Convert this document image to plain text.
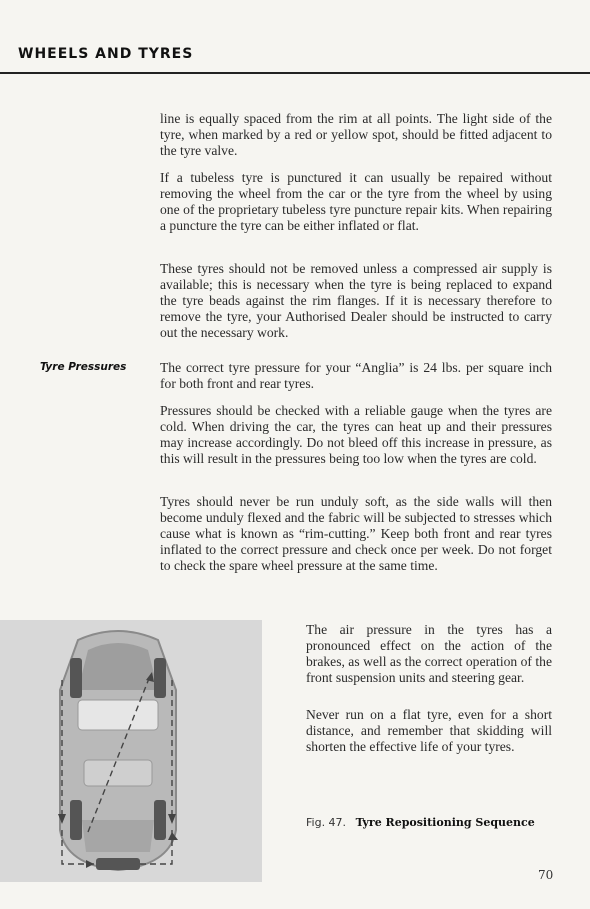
WHEELS AND TYRES

line is equally spaced from the rim at all points. The light side of the tyre, when marked by a red or yellow spot, should be fitted adjacent to the tyre valve.

If a tubeless tyre is punctured it can usually be repaired without removing the wheel from the car or the tyre from the wheel by using one of the proprietary tubeless tyre puncture repair kits. When repairing a puncture the tyre can be either inflated or flat.

These tyres should not be removed unless a compressed air supply is available; this is necessary when the tyre is being replaced to expand the tyre beads against the rim flanges. If it is necessary therefore to remove the tyre, your Authorised Dealer should be instructed to carry out the necessary work.

Tyre Pressures The correct tyre pressure for your “Anglia” is 24 lbs. per square inch for both front and rear tyres.

Pressures should be checked with a reliable gauge when the tyres are cold. When driving the car, the tyres can heat up and their pressures may increase accordingly. Do not bleed off this increase in pressure, as this will result in the pressures being too low when the tyres are cold.

Tyres should never be run unduly soft, as the side walls will then become unduly flexed and the fabric will be subjected to stresses which cause what is known as “rim-cutting.” Keep both front and rear tyres inflated to the correct pressure and check once per week. Do not forget to check the spare wheel pressure at the same time.

The air pressure in the tyres has a pronounced effect on the action of the brakes, as well as the correct operation of the front suspension units and steering gear.

Never run on a flat tyre, even for a short distance, and remember that skidding will shorten the effective life of your tyres.

Fig. 47. Tyre Repositioning Sequence
70
